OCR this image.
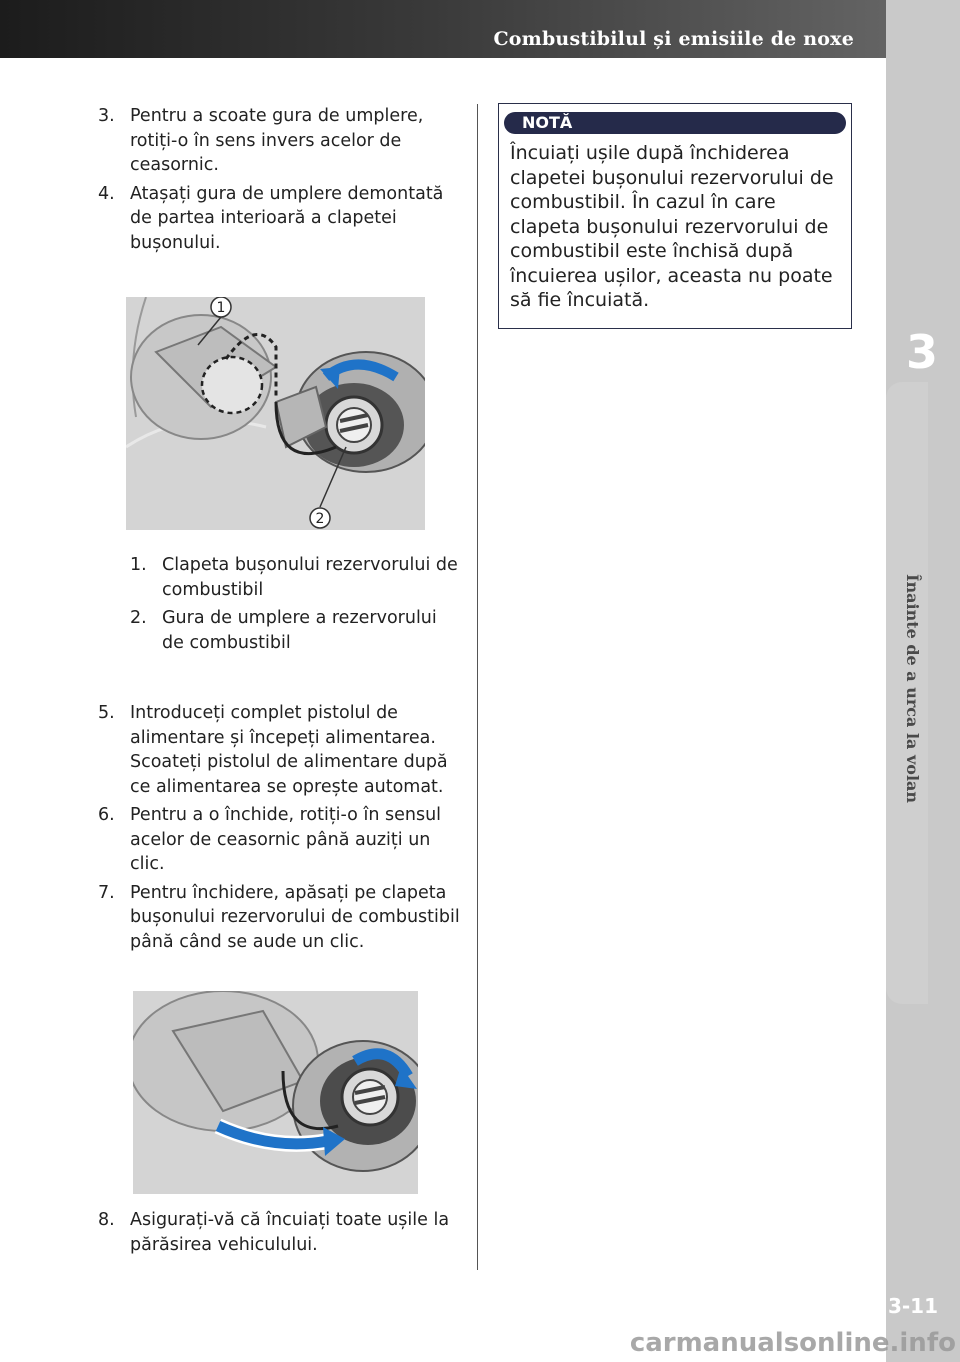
Combustibilul și emisiile de noxe
3
Înainte de a urca la volan
3-11
3. Pentru a scoate gura de umplere, rotiți-o în sens invers acelor de ceasornic.
4. Atașați gura de umplere demontată de partea interioară a clapetei bușonului.
1
2
1. Clapeta bușonului rezervorului de combustibil
2. Gura de umplere a rezervorului de combustibil
5. Introduceți complet pistolul de alimentare și începeți alimentarea. Scoateți pistolul de alimentare după ce alimentarea se oprește automat.
6. Pentru a o închide, rotiți-o în sensul acelor de ceasornic până auziți un clic.
7. Pentru închidere, apăsați pe clapeta bușonului rezervorului de combustibil până când se aude un clic.
8. Asigurați-vă că încuiați toate ușile la părăsirea vehiculului.
NOTĂ
Încuiați ușile după închiderea clapetei bușonului rezervorului de combustibil. În cazul în care clapeta bușonului rezervorului de combustibil este închisă după încuierea ușilor, aceasta nu poate să fie încuiată.
carmanualsonline.info
